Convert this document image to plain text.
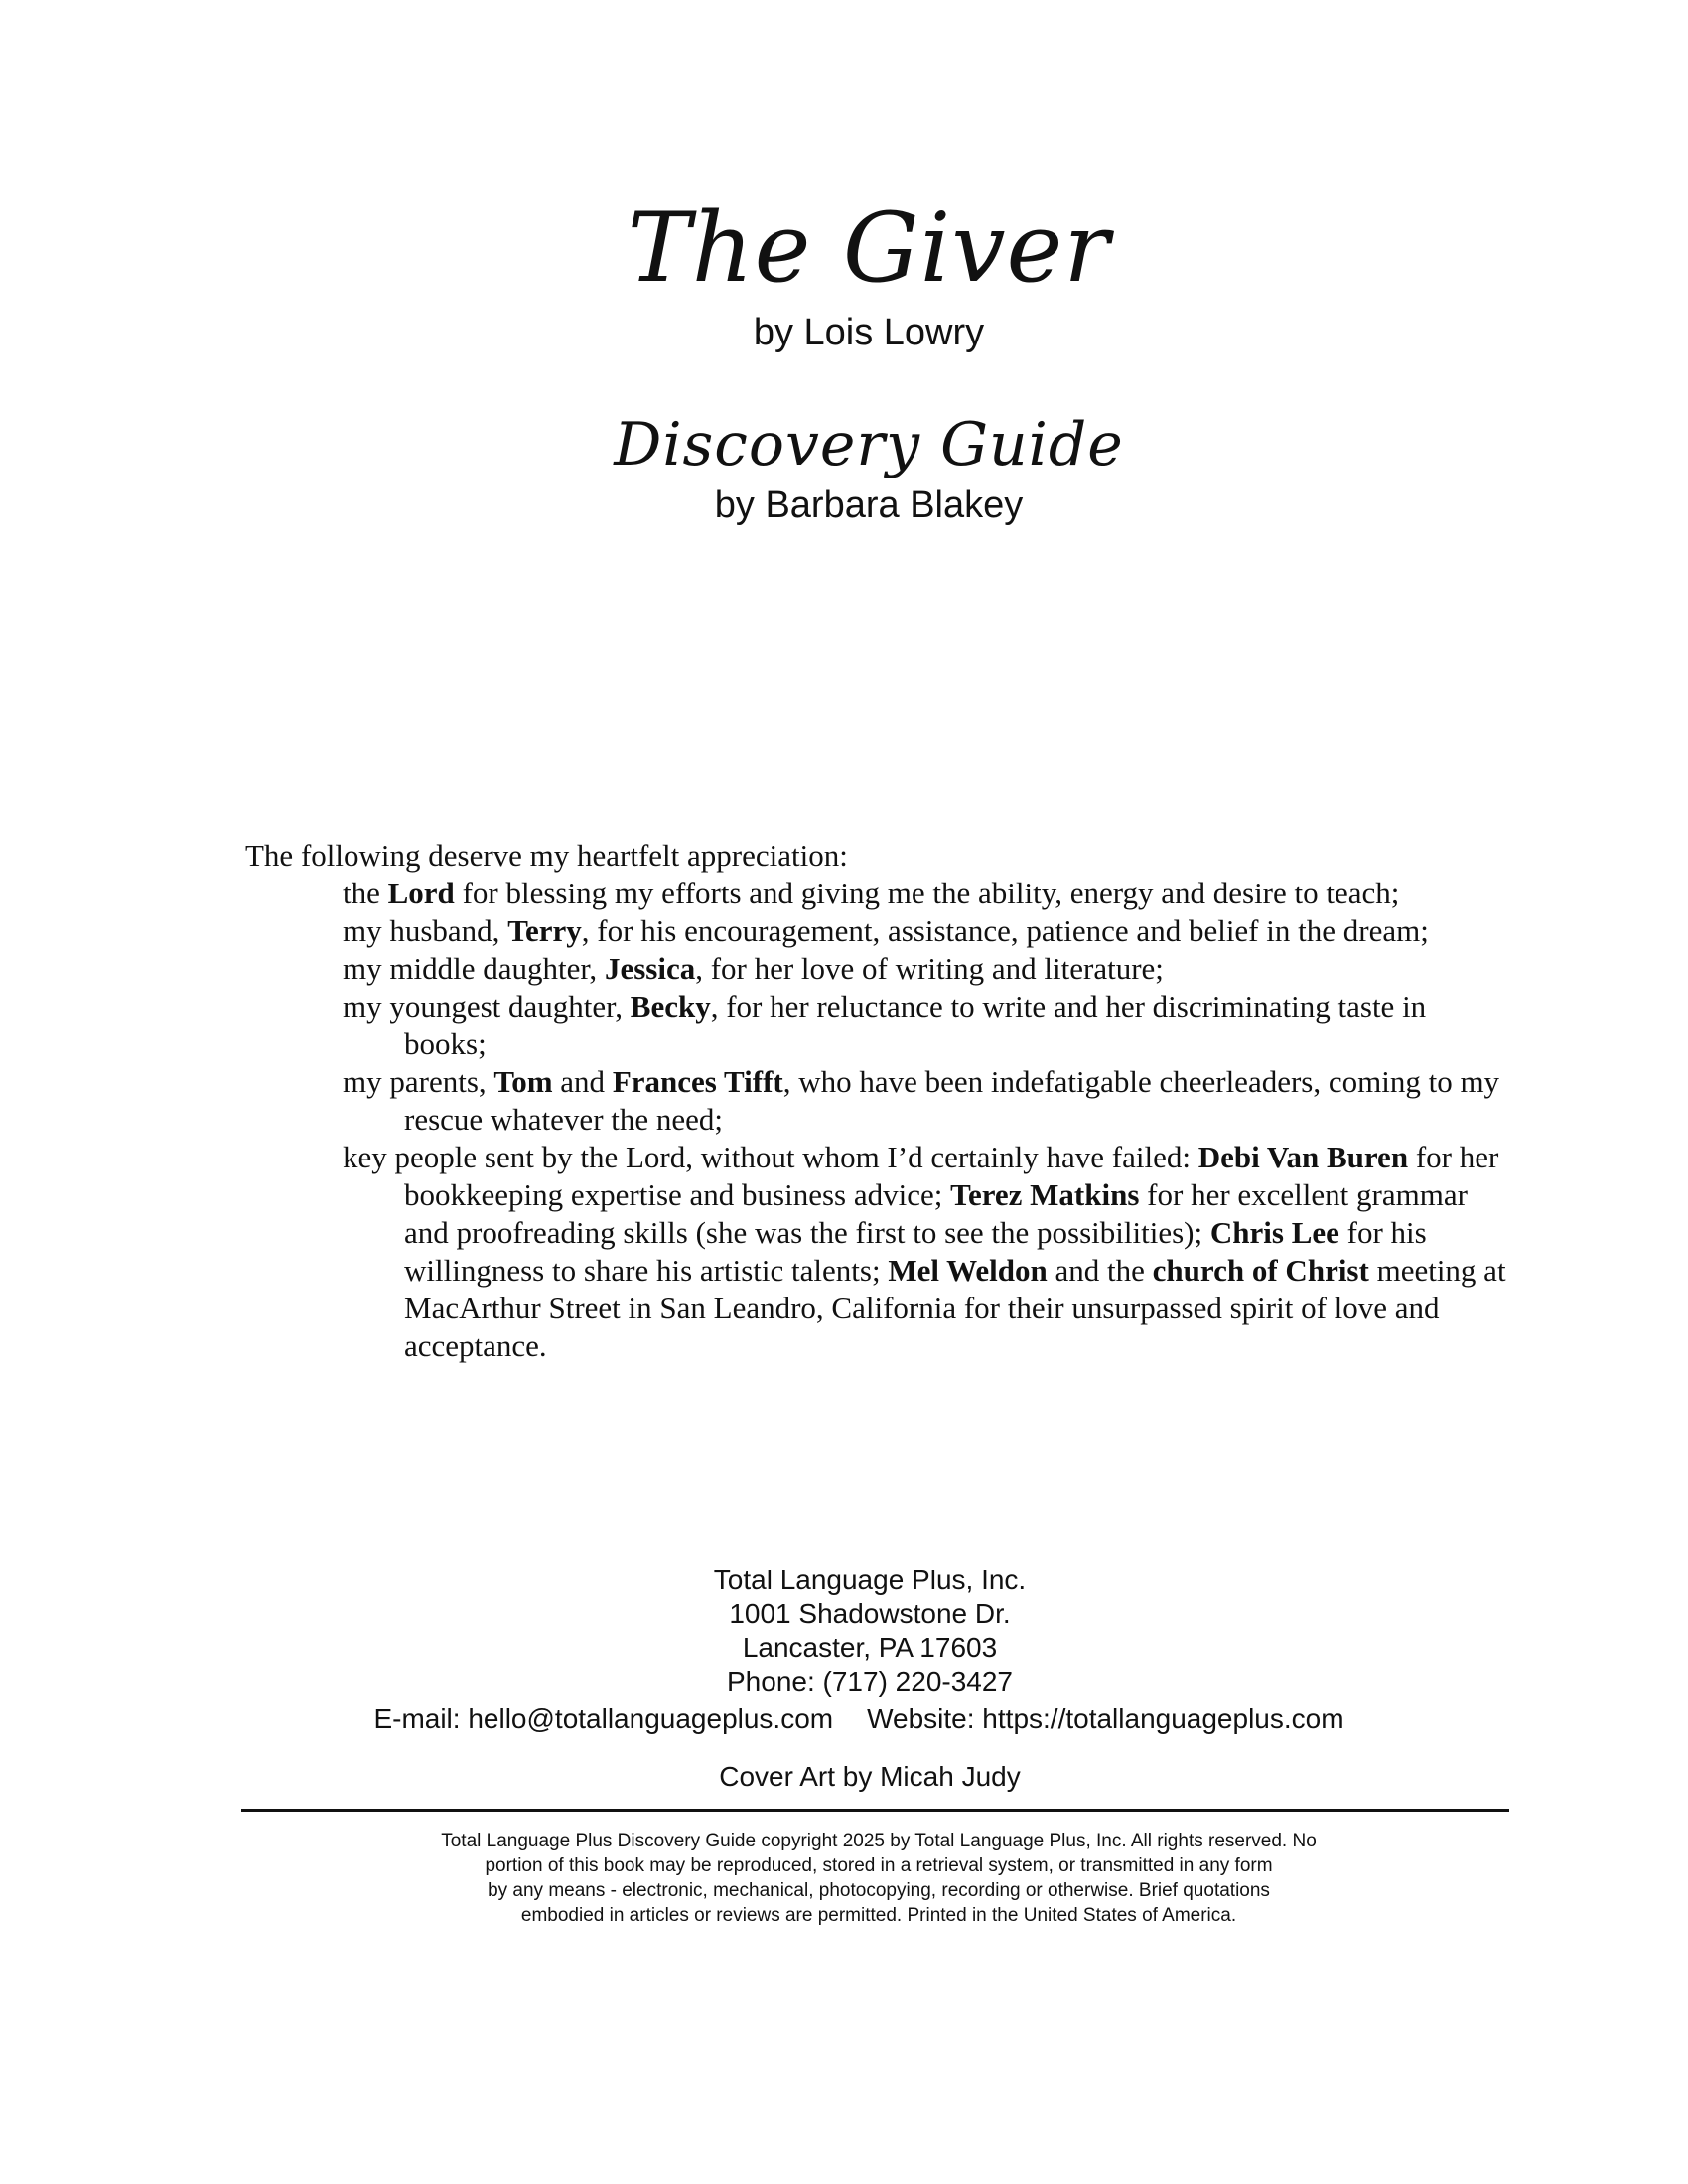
The Giver

by Lois Lowry

Discovery Guide

by Barbara Blakey

The following deserve my heartfelt appreciation:

the Lord for blessing my efforts and giving me the ability, energy and desire to teach;
my husband, Terry, for his encouragement, assistance, patience and belief in the dream;
my middle daughter, Jessica, for her love of writing and literature;
my youngest daughter, Becky, for her reluctance to write and her discriminating taste in books;
my parents, Tom and Frances Tifft, who have been indefatigable cheerleaders, coming to my rescue whatever the need;
key people sent by the Lord, without whom I’d certainly have failed: Debi Van Buren for her bookkeeping expertise and business advice; Terez Matkins for her excellent grammar and proofreading skills (she was the first to see the possibilities); Chris Lee for his willingness to share his artistic talents; Mel Weldon and the church of Christ meeting at MacArthur Street in San Leandro, California for their unsurpassed spirit of love and acceptance.
Total Language Plus, Inc.
1001 Shadowstone Dr.
Lancaster, PA 17603
Phone: (717) 220-3427
E-mail: hello@totallanguageplus.com Website: https://totallanguageplus.com
Cover Art by Micah Judy
Total Language Plus Discovery Guide copyright 2025 by Total Language Plus, Inc. All rights reserved. No
portion of this book may be reproduced, stored in a retrieval system, or transmitted in any form
by any means - electronic, mechanical, photocopying, recording or otherwise. Brief quotations
embodied in articles or reviews are permitted. Printed in the United States of America.
